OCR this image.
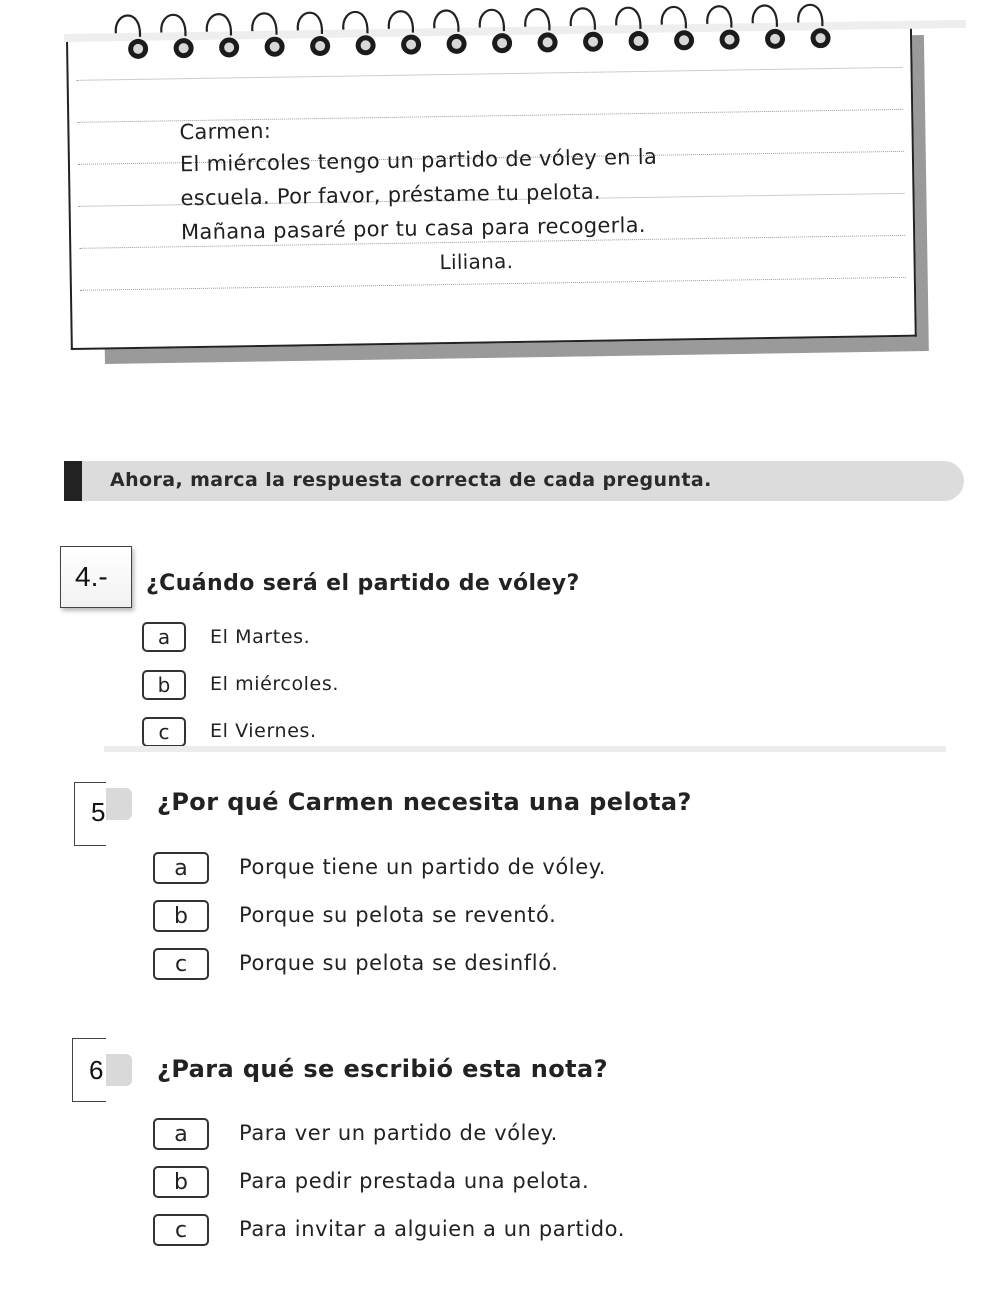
Carmen:
El miércoles tengo un partido de vóley en la
escuela. Por favor, préstame tu pelota.
Mañana pasaré por tu casa para recogerla.
Liliana.
Ahora, marca la respuesta correcta de cada pregunta.
4.-	¿Cuándo será el partido de vóley?
a El Martes.
b El miércoles.
c El Viernes.
5 ¿Por qué Carmen necesita una pelota?
a Porque tiene un partido de vóley.
b Porque su pelota se reventó.
c Porque su pelota se desinfló.
6 ¿Para qué se escribió esta nota?
a Para ver un partido de vóley.
b Para pedir prestada una pelota.
c Para invitar a alguien a un partido.
